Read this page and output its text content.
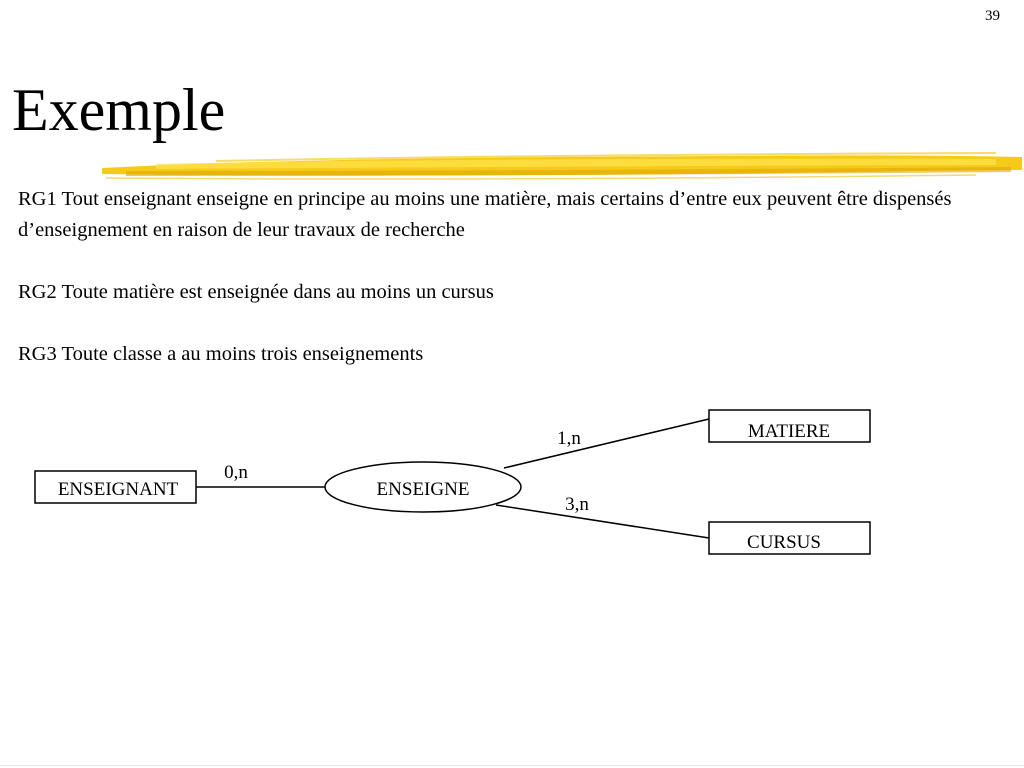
39
Exemple

RG1 Tout enseignant enseigne en principe au moins une matière, mais certains d’entre eux peuvent être dispensés d’enseignement en raison de leur travaux de recherche

RG2 Toute matière est enseignée dans au moins un cursus

RG3 Toute classe a au moins trois enseignements

ENSEIGNANT	ENSEIGNE
MATIERE
CURSUS
0,n
1,n
3,n
